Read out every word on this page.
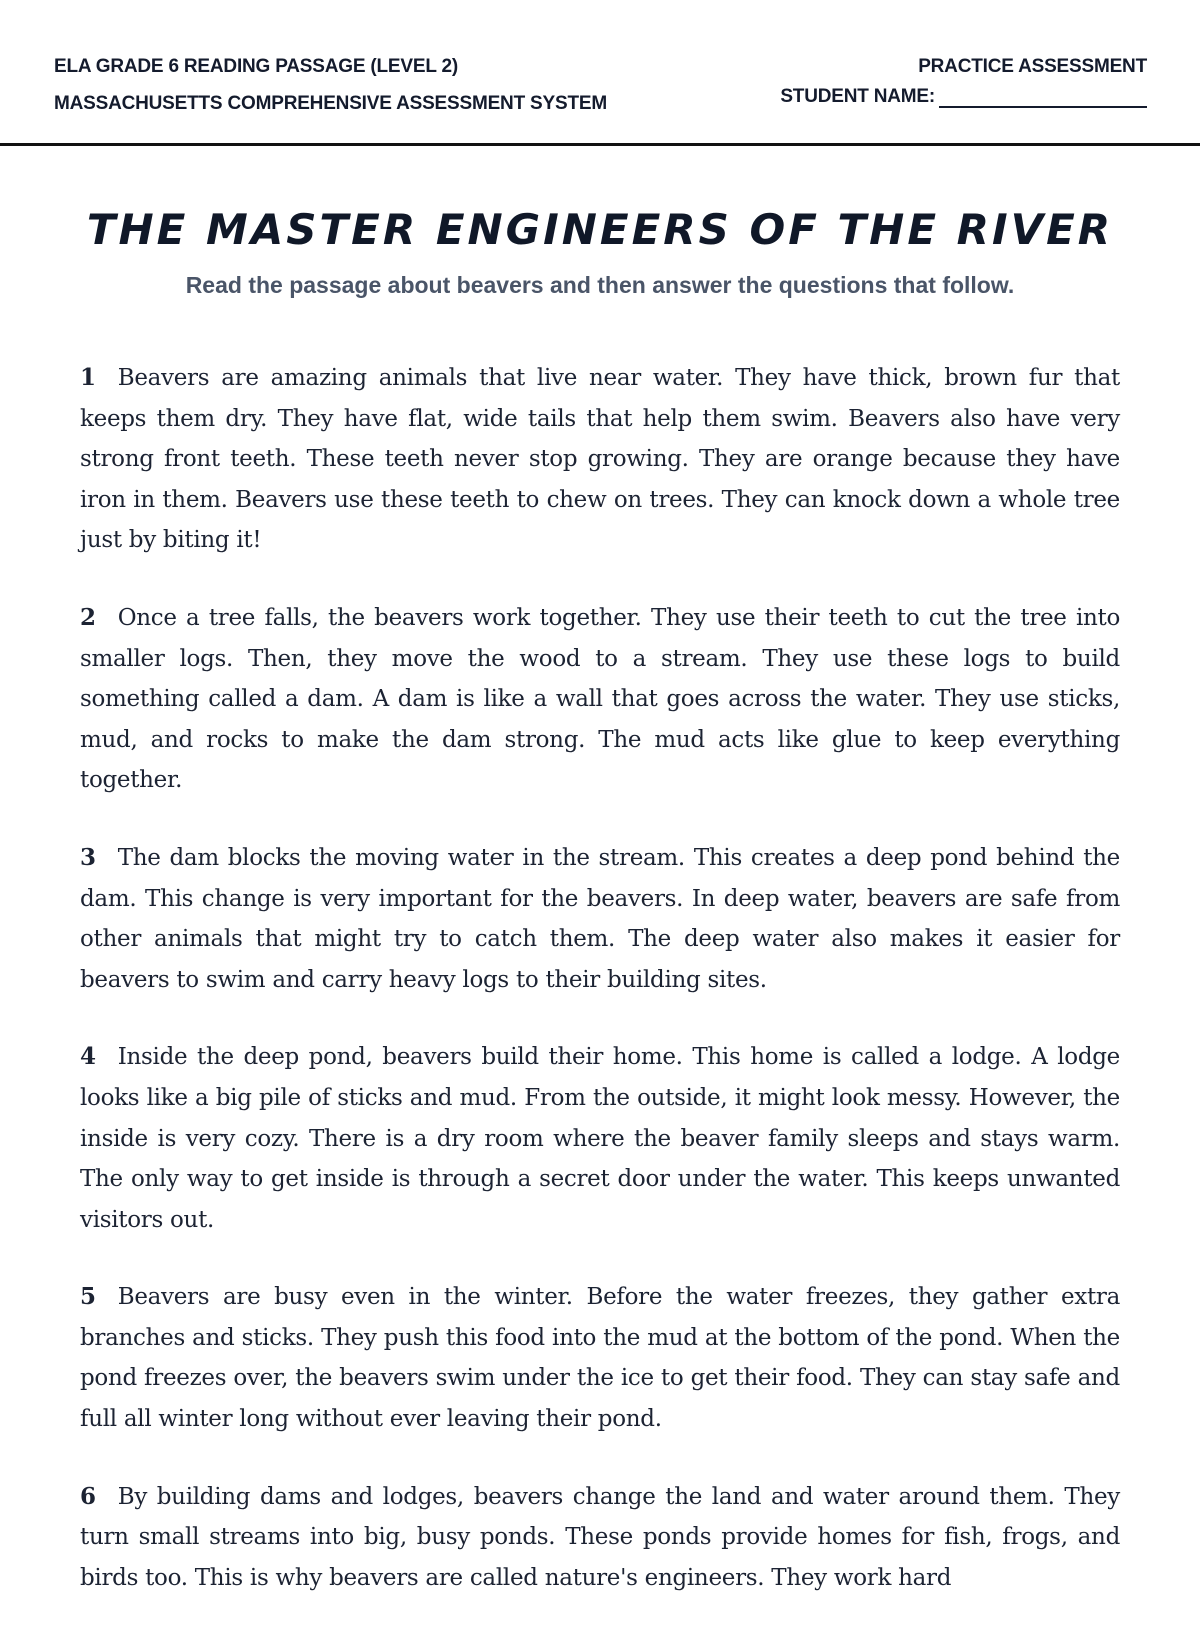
ELA GRADE 6 READING PASSAGE (LEVEL 2)
MASSACHUSETTS COMPREHENSIVE ASSESSMENT SYSTEM
PRACTICE ASSESSMENT
STUDENT NAME:
THE MASTER ENGINEERS OF THE RIVER
Read the passage about beavers and then answer the questions that follow.

1 Beavers are amazing animals that live near water. They have thick, brown fur that keeps them dry. They have flat, wide tails that help them swim. Beavers also have very strong front teeth. These teeth never stop growing. They are orange because they have iron in them. Beavers use these teeth to chew on trees. They can knock down a whole tree just by biting it!

2 Once a tree falls, the beavers work together. They use their teeth to cut the tree into smaller logs. Then, they move the wood to a stream. They use these logs to build something called a dam. A dam is like a wall that goes across the water. They use sticks, mud, and rocks to make the dam strong. The mud acts like glue to keep everything together.

3 The dam blocks the moving water in the stream. This creates a deep pond behind the dam. This change is very important for the beavers. In deep water, beavers are safe from other animals that might try to catch them. The deep water also makes it easier for beavers to swim and carry heavy logs to their building sites.

4 Inside the deep pond, beavers build their home. This home is called a lodge. A lodge looks like a big pile of sticks and mud. From the outside, it might look messy. However, the inside is very cozy. There is a dry room where the beaver family sleeps and stays warm. The only way to get inside is through a secret door under the water. This keeps unwanted visitors out.

5 Beavers are busy even in the winter. Before the water freezes, they gather extra branches and sticks. They push this food into the mud at the bottom of the pond. When the pond freezes over, the beavers swim under the ice to get their food. They can stay safe and full all winter long without ever leaving their pond.

6 By building dams and lodges, beavers change the land and water around them. They turn small streams into big, busy ponds. These ponds provide homes for fish, frogs, and birds too. This is why beavers are called nature's engineers. They work hard
